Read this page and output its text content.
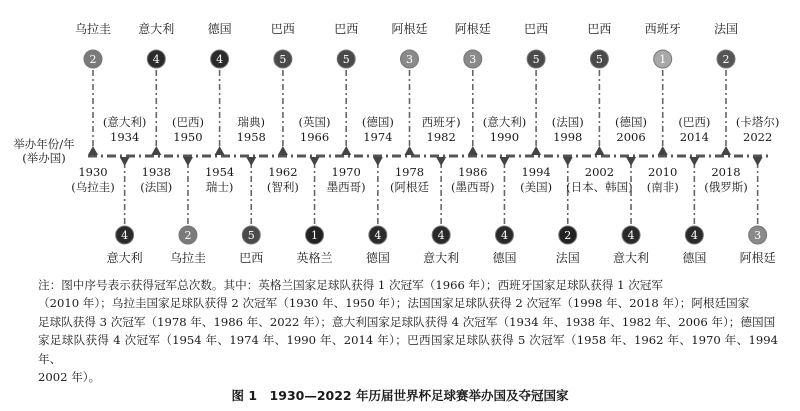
2
乌拉圭
1930
(乌拉圭)
4
意大利
(意大利)
1934
4
意大利
1938
(法国)
2
乌拉圭
(巴西)
1950
4
德国
1954
瑞士)
5
巴西
瑞典)
1958
5
巴西
1962
(智利)
1
英格兰
(英国)
1966
5
巴西
1970
墨西哥)
4
德国
(德国)
1974
3
阿根廷
1978
(阿根廷
4
意大利
西班牙)
1982
3
阿根廷
1986
(墨西哥)
4
德国
(意大利)
1990
5
巴西
1994
(美国)
2
法国
(法国)
1998
5
巴西
2002
(日本、韩国)
4
意大利
(德国)
2006
1
西班牙
2010
(南非)
4
德国
(巴西)
2014
2
法国
2018
(俄罗斯)
3
阿根廷
(卡塔尔)
2022
举办年份/年
(举办国)
注：图中序号表示获得冠军总次数。其中：英格兰国家足球队获得 1 次冠军（1966 年）；西班牙国家足球队获得 1 次冠军
（2010 年）；乌拉圭国家足球队获得 2 次冠军（1930 年、1950 年）；法国国家足球队获得 2 次冠军（1998 年、2018 年）；阿根廷国家
足球队获得 3 次冠军（1978 年、1986 年、2022 年）；意大利国家足球队获得 4 次冠军（1934 年、1938 年、1982 年、2006 年）；德国国
家足球队获得 4 次冠军（1954 年、1974 年、1990 年、2014 年）；巴西国家足球队获得 5 次冠军（1958 年、1962 年、1970 年、1994 年、
2002 年）。
图 1　1930—2022 年历届世界杯足球赛举办国及夺冠国家
